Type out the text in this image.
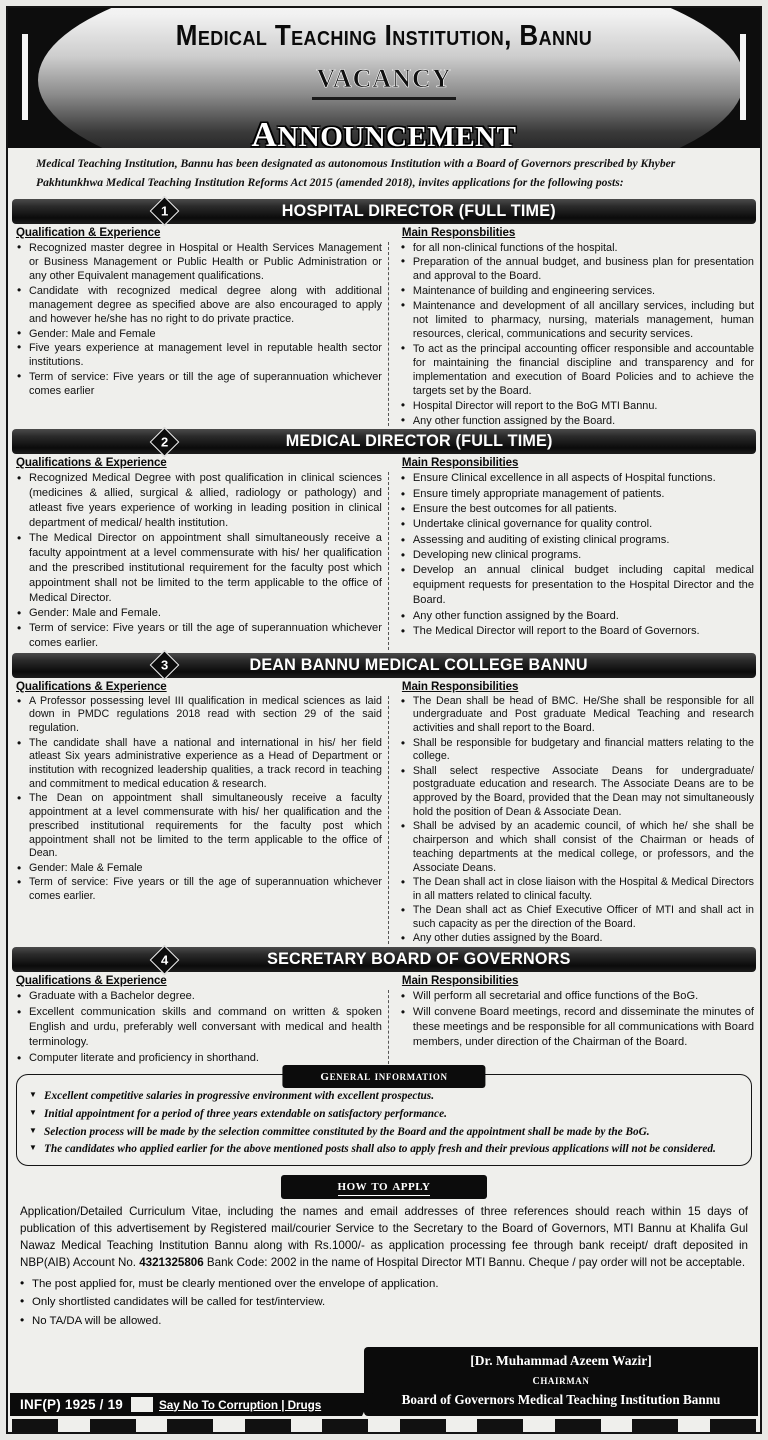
Medical Teaching Institution, Bannu
vacancy
announcement
Medical Teaching Institution, Bannu has been designated as autonomous Institution with a Board of Governors prescribed by Khyber Pakhtunkhwa Medical Teaching Institution Reforms Act 2015 (amended 2018), invites applications for the following posts:
1	HOSPITAL DIRECTOR (FULL TIME)
Qualification & Experience
• Recognized master degree in Hospital or Health Services Management or Business Management or Public Health or Public Administration or any other Equivalent management qualifications.
• Candidate with recognized medical degree along with additional management degree as specified above are also encouraged to apply and however he/she has no right to do private practice.
• Gender: Male and Female
• Five years experience at management level in reputable health sector institutions.
• Term of service: Five years or till the age of superannuation whichever comes earlier
Main Responsbilities
• for all non-clinical functions of the hospital.
• Preparation of the annual budget, and business plan for presentation and approval to the Board.
• Maintenance of building and engineering services.
• Maintenance and development of all ancillary services, including but not limited to pharmacy, nursing, materials management, human resources, clerical, communications and security services.
• To act as the principal accounting officer responsible and accountable for maintaining the financial discipline and transparency and for implementation and execution of Board Policies and to achieve the targets set by the Board.
• Hospital Director will report to the BoG MTI Bannu.
• Any other function assigned by the Board.
2	MEDICAL DIRECTOR (FULL TIME)
Qualifications & Experience
• Recognized Medical Degree with post qualification in clinical sciences (medicines & allied, surgical & allied, radiology or pathology) and atleast five years experience of working in leading position in clinical department of medical/ health institution.
• The Medical Director on appointment shall simultaneously receive a faculty appointment at a level commensurate with his/ her qualification and the prescribed institutional requirement for the faculty post which appointment shall not be limited to the term applicable to the office of Medical Director.
• Gender: Male and Female.
• Term of service: Five years or till the age of superannuation whichever comes earlier.
Main Responsibilities
• Ensure Clinical excellence in all aspects of Hospital functions.
• Ensure timely appropriate management of patients.
• Ensure the best outcomes for all patients.
• Undertake clinical governance for quality control.
• Assessing and auditing of existing clinical programs.
• Developing new clinical programs.
• Develop an annual clinical budget including capital medical equipment requests for presentation to the Hospital Director and the Board.
• Any other function assigned by the Board.
• The Medical Director will report to the Board of Governors.
3	DEAN BANNU MEDICAL COLLEGE BANNU
Qualifications & Experience
• A Professor possessing level III qualification in medical sciences as laid down in PMDC regulations 2018 read with section 29 of the said regulation.
• The candidate shall have a national and international in his/ her field atleast Six years administrative experience as a Head of Department or institution with recognized leadership qualities, a track record in teaching and commitment to medical education & research.
• The Dean on appointment shall simultaneously receive a faculty appointment at a level commensurate with his/ her qualification and the prescribed institutional requirements for the faculty post which appointment shall not be limited to the term applicable to the office of Dean.
• Gender: Male & Female
• Term of service: Five years or till the age of superannuation whichever comes earlier.
Main Responsibilities
• The Dean shall be head of BMC. He/She shall be responsible for all undergraduate and Post graduate Medical Teaching and research activities and shall report to the Board.
• Shall be responsible for budgetary and financial matters relating to the college.
• Shall select respective Associate Deans for undergraduate/ postgraduate education and research. The Associate Deans are to be approved by the Board, provided that the Dean may not simultaneously hold the position of Dean & Associate Dean.
• Shall be advised by an academic council, of which he/ she shall be chairperson and which shall consist of the Chairman or heads of teaching departments at the medical college, or professors, and the Associate Deans.
• The Dean shall act in close liaison with the Hospital & Medical Directors in all matters related to clinical faculty.
• The Dean shall act as Chief Executive Officer of MTI and shall act in such capacity as per the direction of the Board.
• Any other duties assigned by the Board.
4	SECRETARY BOARD OF GOVERNORS
Qualifications & Experience
• Graduate with a Bachelor degree.
• Excellent communication skills and command on written & spoken English and urdu, preferably well conversant with medical and health terminology.
• Computer literate and proficiency in shorthand.
Main Responsibilities
• Will perform all secretarial and office functions of the BoG.
• Will convene Board meetings, record and disseminate the minutes of these meetings and be responsible for all communications with Board members, under direction of the Chairman of the Board.
general information
▼ Excellent competitive salaries in progressive environment with excellent prospectus.
▼ Initial appointment for a period of three years extendable on satisfactory performance.
▼ Selection process will be made by the selection committee constituted by the Board and the appointment shall be made by the BoG.
▼ The candidates who applied earlier for the above mentioned posts shall also to apply fresh and their previous applications will not be considered.
how to apply
Application/Detailed Curriculum Vitae, including the names and email addresses of three references should reach within 15 days of publication of this advertisement by Registered mail/courier Service to the Secretary to the Board of Governors, MTI Bannu at Khalifa Gul Nawaz Medical Teaching Institution Bannu along with Rs.1000/- as application processing fee through bank receipt/ draft deposited in NBP(AIB) Account No. 4321325806 Bank Code: 2002 in the name of Hospital Director MTI Bannu. Cheque / pay order will not be acceptable.
• The post applied for, must be clearly mentioned over the envelope of application.
• Only shortlisted candidates will be called for test/interview.
• No TA/DA will be allowed.
[Dr. Muhammad Azeem Wazir]
chairman
Board of Governors Medical Teaching Institution Bannu
INF(P) 1925 / 19	Say No To Corruption | Drugs
